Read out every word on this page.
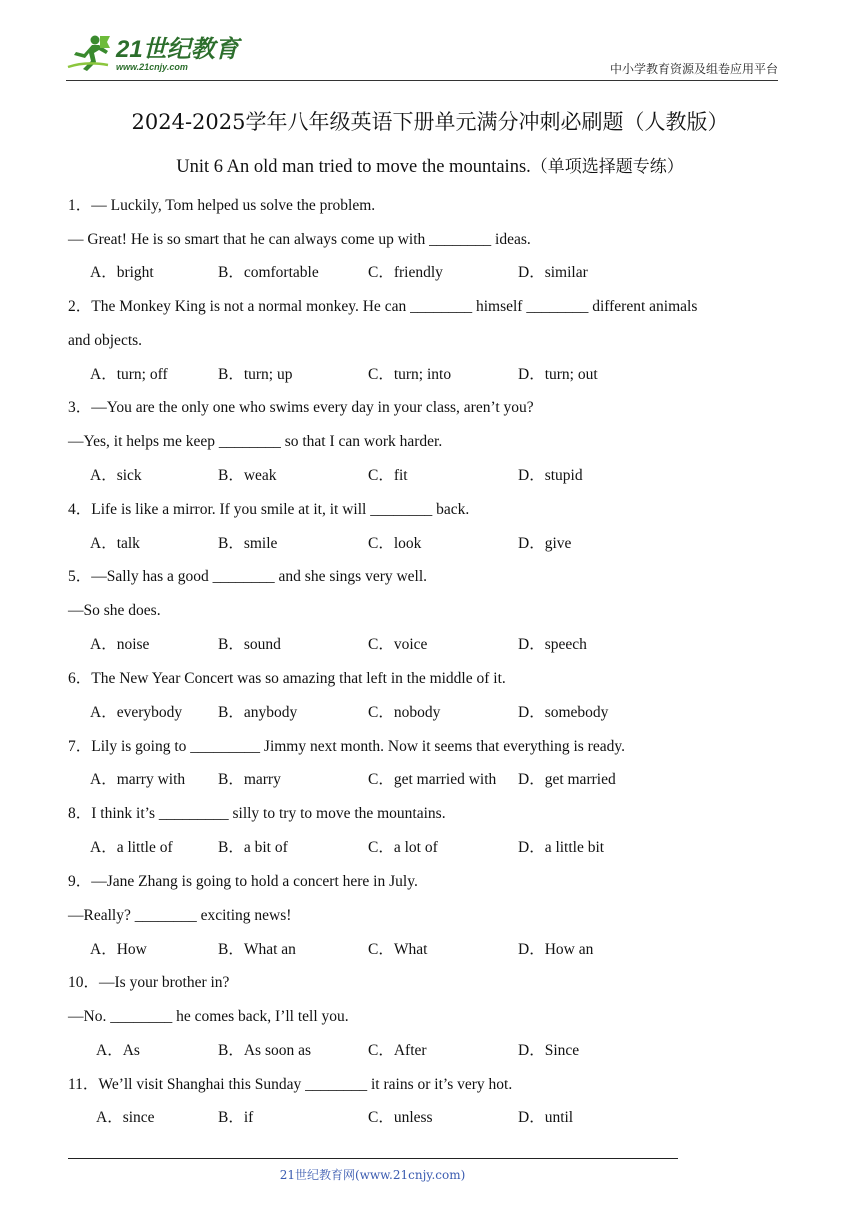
21世纪教育
www.21cnjy.com	中小学教育资源及组卷应用平台
2024-2025学年八年级英语下册单元满分冲刺必刷题（人教版）
Unit 6 An old man tried to move the mountains.（单项选择题专练）
1．— Luckily, Tom helped us solve the problem.
— Great! He is so smart that he can always come up with ________ ideas.
A．bright	B．comfortable	C．friendly	D．similar
2．The Monkey King is not a normal monkey. He can ________ himself ________ different animals
and objects.
A．turn; off	B．turn; up	C．turn; into	D．turn; out
3．—You are the only one who swims every day in your class, aren’t you?
—Yes, it helps me keep ________ so that I can work harder.
A．sick	B．weak	C．fit	D．stupid
4．Life is like a mirror. If you smile at it, it will ________ back.
A．talk	B．smile	C．look	D．give
5．—Sally has a good ________ and she sings very well.
—So she does.
A．noise	B．sound	C．voice	D．speech
6．The New Year Concert was so amazing that left in the middle of it.
A．everybody B．anybody	C．nobody	D．somebody
7．Lily is going to _________ Jimmy next month. Now it seems that everything is ready.
A．marry with B．marry	C．get married with D．get married
8．I think it’s _________ silly to try to move the mountains.
A．a little of	B．a bit of	C．a lot of	D．a little bit
9．—Jane Zhang is going to hold a concert here in July.
—Really? ________ exciting news!
A．How	B．What an	C．What	D．How an
10．—Is your brother in?
—No. ________ he comes back, I’ll tell you.
A．As	B．As soon as	C．After	D．Since
11．We’ll visit Shanghai this Sunday ________ it rains or it’s very hot.
A．since	B．if	C．unless	D．until
21世纪教育网(www.21cnjy.com)
